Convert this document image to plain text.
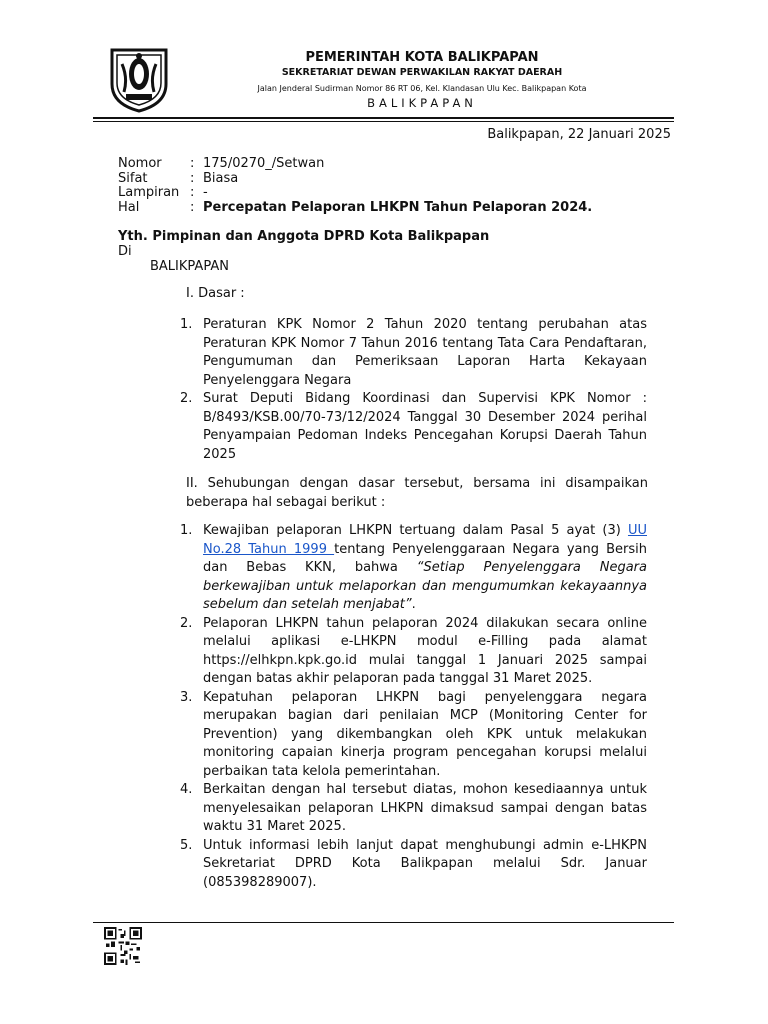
PEMERINTAH KOTA BALIKPAPAN
SEKRETARIAT DEWAN PERWAKILAN RAKYAT DAERAH
Jalan Jenderal Sudirman Nomor 86 RT 06, Kel. Klandasan Ulu Kec. Balikpapan Kota
BALIKPAPAN
Balikpapan, 22 Januari 2025
Nomor : 175/0270_/Setwan
Sifat	: Biasa
Lampiran : -
Hal	: Percepatan Pelaporan LHKPN Tahun Pelaporan 2024.
Yth. Pimpinan dan Anggota DPRD Kota Balikpapan
Di
BALIKPAPAN
I. Dasar :
1. Peraturan KPK Nomor 2 Tahun 2020 tentang perubahan atas Peraturan KPK Nomor 7 Tahun 2016 tentang Tata Cara Pendaftaran, Pengumuman dan Pemeriksaan Laporan Harta Kekayaan Penyelenggara Negara
2. Surat Deputi Bidang Koordinasi dan Supervisi KPK Nomor : B/8493/KSB.00/70-73/12/2024 Tanggal 30 Desember 2024 perihal Penyampaian Pedoman Indeks Pencegahan Korupsi Daerah Tahun 2025
II. Sehubungan dengan dasar tersebut, bersama ini disampaikan beberapa hal sebagai berikut :
1. Kewajiban pelaporan LHKPN tertuang dalam Pasal 5 ayat (3) UU No.28 Tahun 1999 tentang Penyelenggaraan Negara yang Bersih dan Bebas KKN, bahwa “Setiap Penyelenggara Negara berkewajiban untuk melaporkan dan mengumumkan kekayaannya sebelum dan setelah menjabat”.
2. Pelaporan LHKPN tahun pelaporan 2024 dilakukan secara online melalui aplikasi e-LHKPN modul e-Filling pada alamat https://elhkpn.kpk.go.id mulai tanggal 1 Januari 2025 sampai dengan batas akhir pelaporan pada tanggal 31 Maret 2025.
3. Kepatuhan pelaporan LHKPN bagi penyelenggara negara merupakan bagian dari penilaian MCP (Monitoring Center for Prevention) yang dikembangkan oleh KPK untuk melakukan monitoring capaian kinerja program pencegahan korupsi melalui perbaikan tata kelola pemerintahan.
4. Berkaitan dengan hal tersebut diatas, mohon kesediaannya untuk menyelesaikan pelaporan LHKPN dimaksud sampai dengan batas waktu 31 Maret 2025.
5. Untuk informasi lebih lanjut dapat menghubungi admin e-LHKPN Sekretariat DPRD Kota Balikpapan melalui Sdr. Januar (085398289007).
